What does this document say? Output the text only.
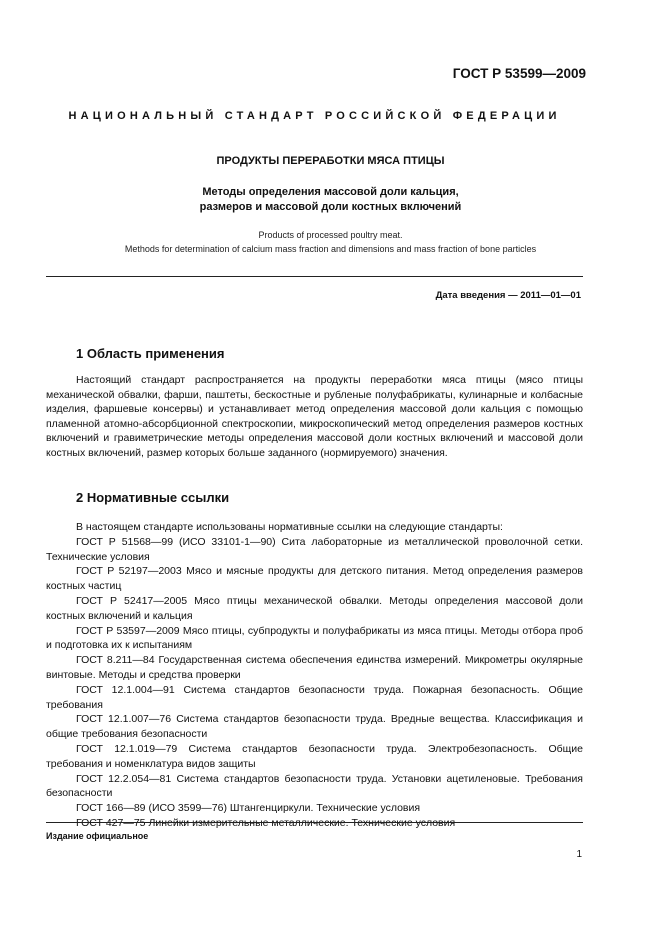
ГОСТ Р 53599—2009
НАЦИОНАЛЬНЫЙ СТАНДАРТ РОССИЙСКОЙ ФЕДЕРАЦИИ
ПРОДУКТЫ ПЕРЕРАБОТКИ МЯСА ПТИЦЫ
Методы определения массовой доли кальция,
размеров и массовой доли костных включений
Products of processed poultry meat.
Methods for determination of calcium mass fraction and dimensions and mass fraction of bone particles
Дата введения — 2011—01—01
1 Область применения

Настоящий стандарт распространяется на продукты переработки мяса птицы (мясо птицы механической обвалки, фарши, паштеты, бескостные и рубленые полуфабрикаты, кулинарные и колбасные изделия, фаршевые консервы) и устанавливает метод определения массовой доли кальция с помощью пламенной атомно-абсорбционной спектроскопии, микроскопический метод определения размеров костных включений и гравиметрические методы определения массовой доли костных включений и массовой доли костных включений, размер которых больше заданного (нормируемого) значения.

2 Нормативные ссылки

В настоящем стандарте использованы нормативные ссылки на следующие стандарты:

ГОСТ Р 51568—99 (ИСО 33101-1—90) Сита лабораторные из металлической проволочной сетки. Технические условия

ГОСТ Р 52197—2003 Мясо и мясные продукты для детского питания. Метод определения размеров костных частиц

ГОСТ Р 52417—2005 Мясо птицы механической обвалки. Методы определения массовой доли костных включений и кальция

ГОСТ Р 53597—2009 Мясо птицы, субпродукты и полуфабрикаты из мяса птицы. Методы отбора проб и подготовка их к испытаниям

ГОСТ 8.211—84 Государственная система обеспечения единства измерений. Микрометры окулярные винтовые. Методы и средства проверки

ГОСТ 12.1.004—91 Система стандартов безопасности труда. Пожарная безопасность. Общие требования

ГОСТ 12.1.007—76 Система стандартов безопасности труда. Вредные вещества. Классификация и общие требования безопасности

ГОСТ 12.1.019—79 Система стандартов безопасности труда. Электробезопасность. Общие требования и номенклатура видов защиты

ГОСТ 12.2.054—81 Система стандартов безопасности труда. Установки ацетиленовые. Требования безопасности

ГОСТ 166—89 (ИСО 3599—76) Штангенциркули. Технические условия

ГОСТ 427—75 Линейки измерительные металлические. Технические условия

Издание официальное
1
